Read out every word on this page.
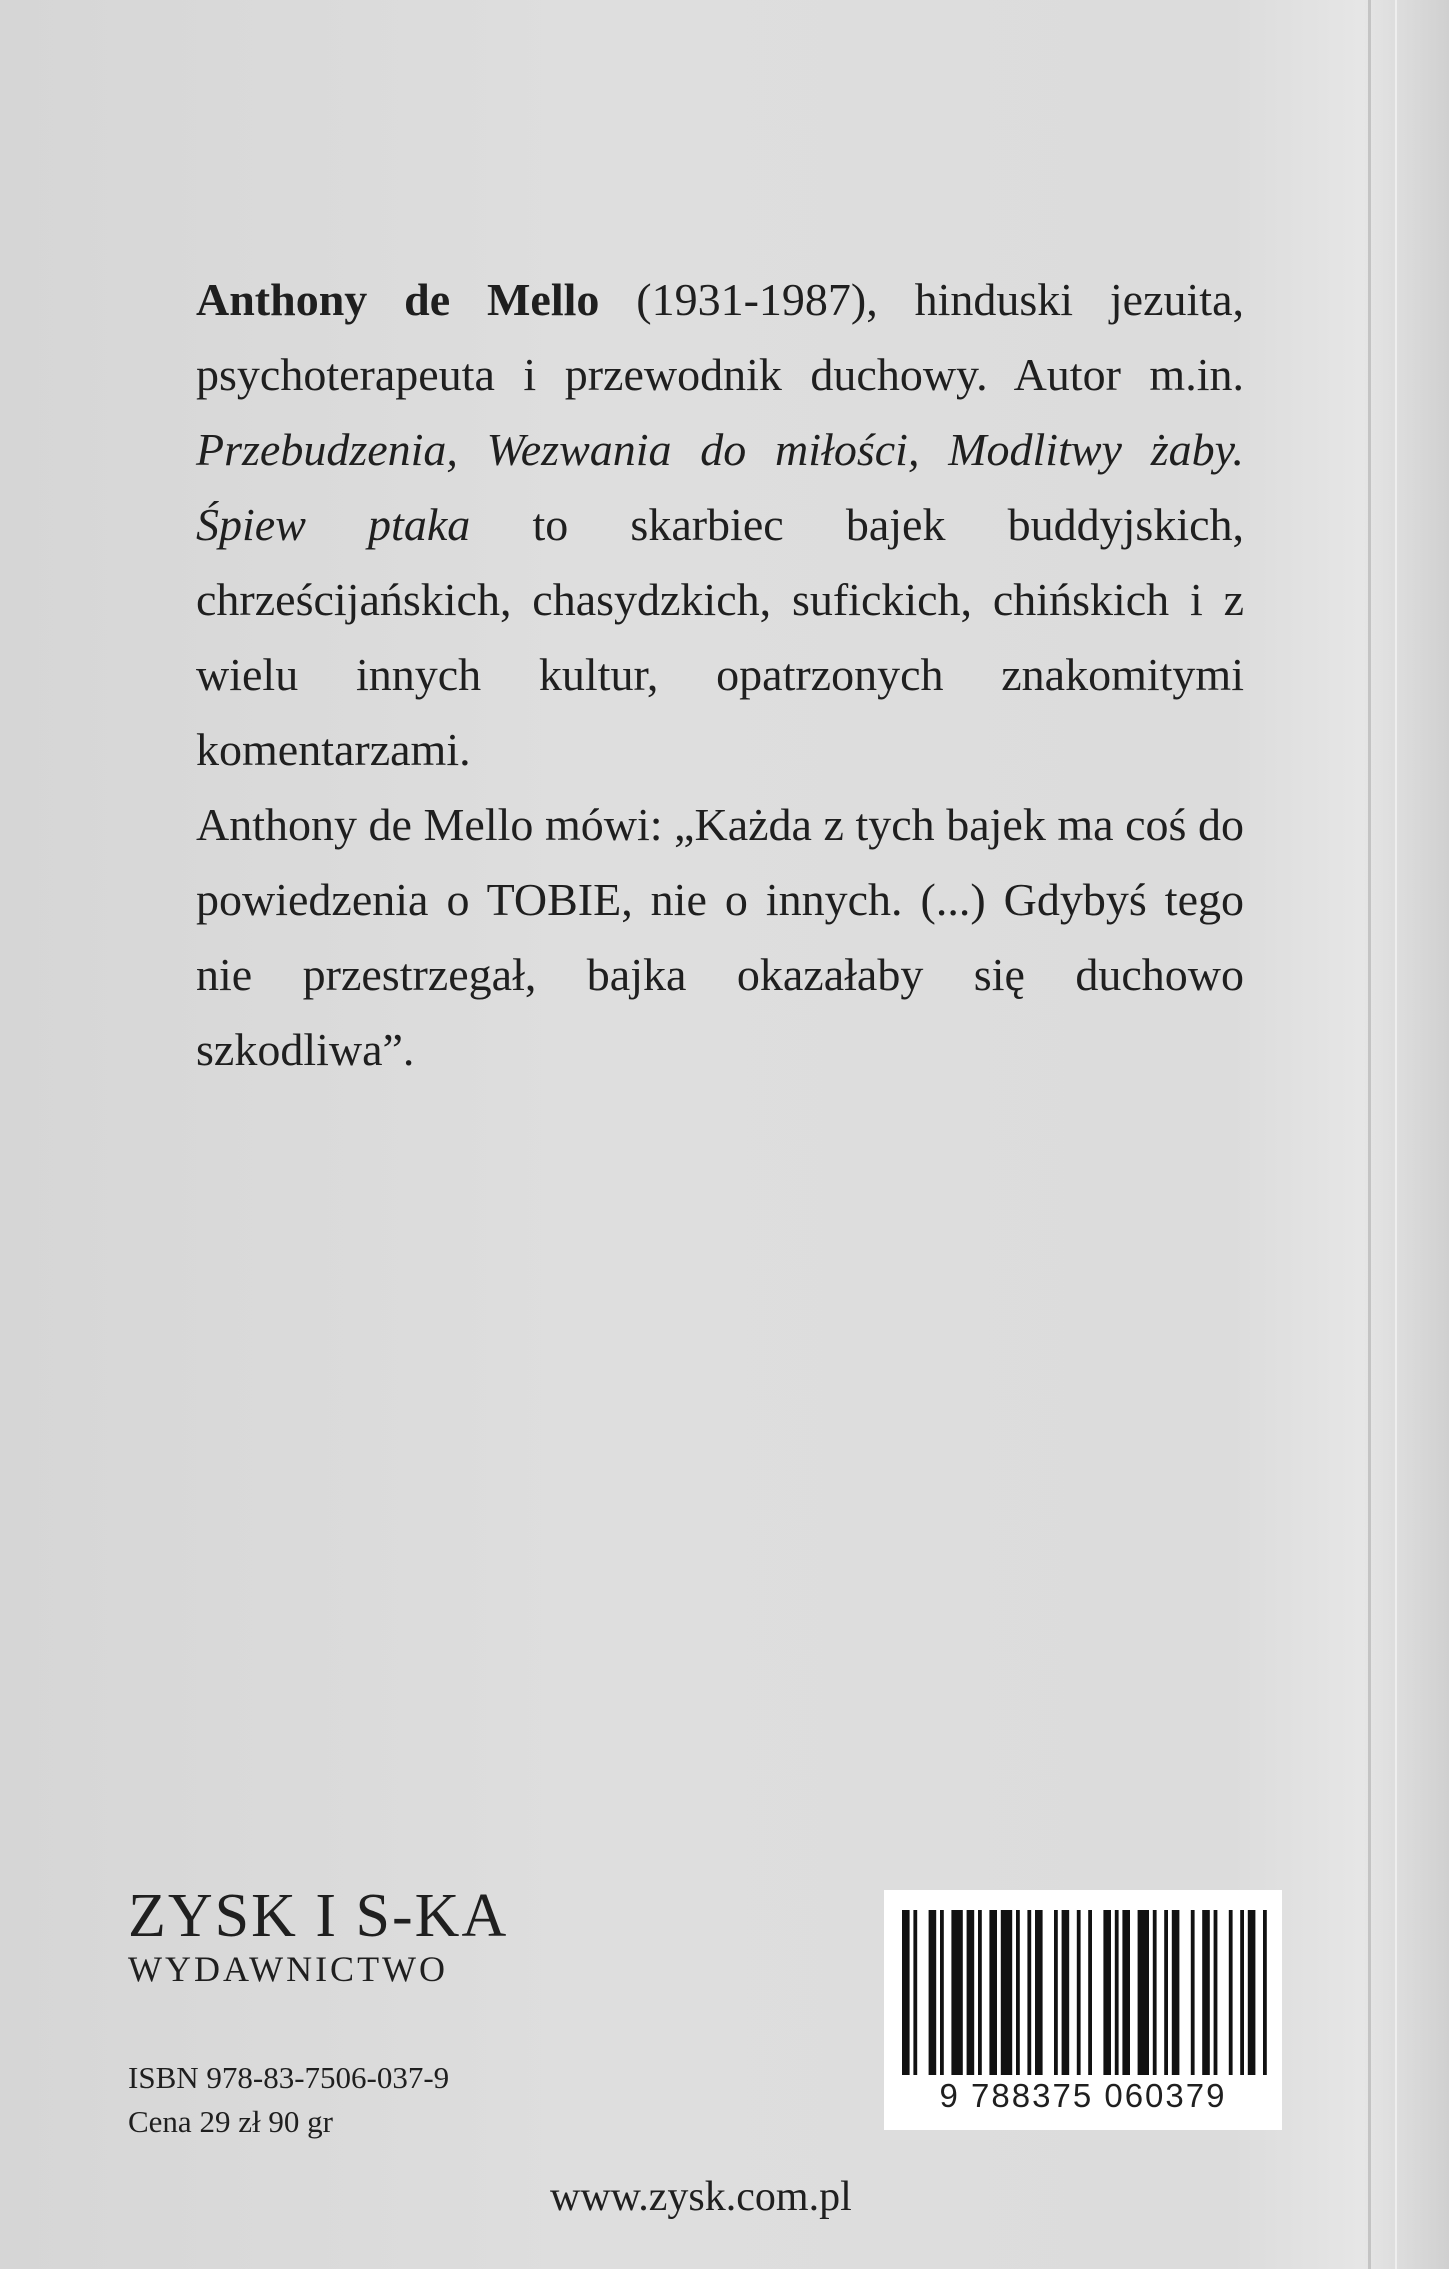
Anthony de Mello (1931-1987), hinduski jezuita, psychoterapeuta i przewodnik duchowy. Autor m.in. Przebudzenia, Wezwania do miłości, Modlitwy żaby. Śpiew ptaka to skarbiec bajek buddyjskich, chrześcijańskich, chasydzkich, sufickich, chińskich i z wielu innych kultur, opatrzonych znakomitymi komentarzami.

Anthony de Mello mówi: „Każda z tych bajek ma coś do powiedzenia o TOBIE, nie o innych. (...) Gdybyś tego nie przestrzegał, bajka okazałaby się duchowo szkodliwa”.

ZYSK I S-KA
WYDAWNICTWO
ISBN 978-83-7506-037-9
Cena 29 zł 90 gr
9 788375 060379
www.zysk.com.pl
